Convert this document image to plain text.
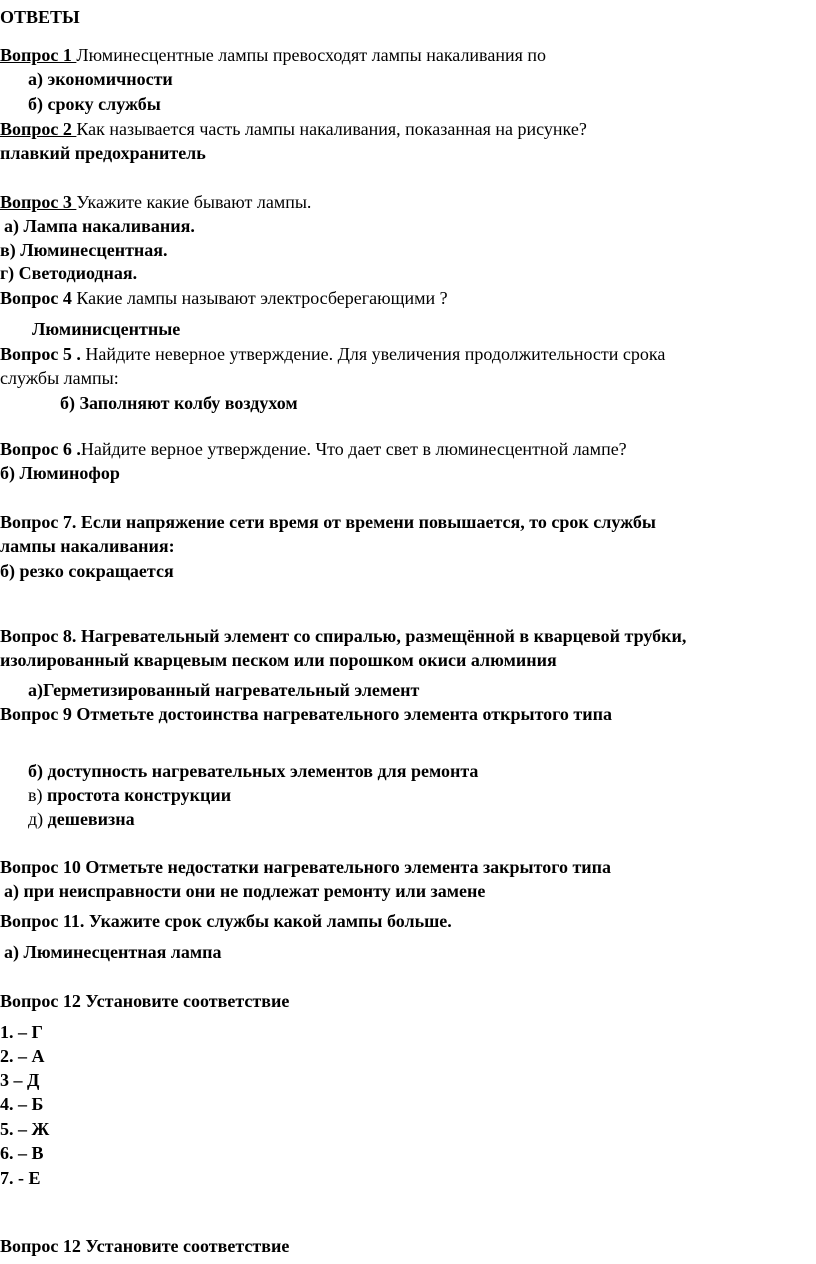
ОТВЕТЫ
Вопрос 1 Люминесцентные лампы превосходят лампы накаливания по
а) экономичности
б) сроку службы
Вопрос 2 Как называется часть лампы накаливания, показанная на рисунке?
плавкий предохранитель
Вопрос 3 Укажите какие бывают лампы.
а) Лампа накаливания.
в) Люминесцентная.
г) Светодиодная.
Вопрос 4 Какие лампы называют электросберегающими ?
Люминисцентные
Вопрос 5 . Найдите неверное утверждение. Для увеличения продолжительности срока
службы лампы:
б) Заполняют колбу воздухом
Вопрос 6 .Найдите верное утверждение. Что дает свет в люминесцентной лампе?
б) Люминофор
Вопрос 7. Если напряжение сети время от времени повышается, то срок службы
лампы накаливания:
б) резко сокращается
Вопрос 8. Нагревательный элемент со спиралью, размещённой в кварцевой трубки,
изолированный кварцевым песком или порошком окиси алюминия
а)Герметизированный нагревательный элемент
Вопрос 9 Отметьте достоинства нагревательного элемента открытого типа
б) доступность нагревательных элементов для ремонта
в) простота конструкции
д) дешевизна
Вопрос 10 Отметьте недостатки нагревательного элемента закрытого типа
а) при неисправности они не подлежат ремонту или замене
Вопрос 11. Укажите срок службы какой лампы больше.
а) Люминесцентная лампа
Вопрос 12 Установите соответствие
1. – Г
2. – А
3 – Д
4. – Б
5. – Ж
6. – В
7. - Е
Вопрос 12 Установите соответствие
